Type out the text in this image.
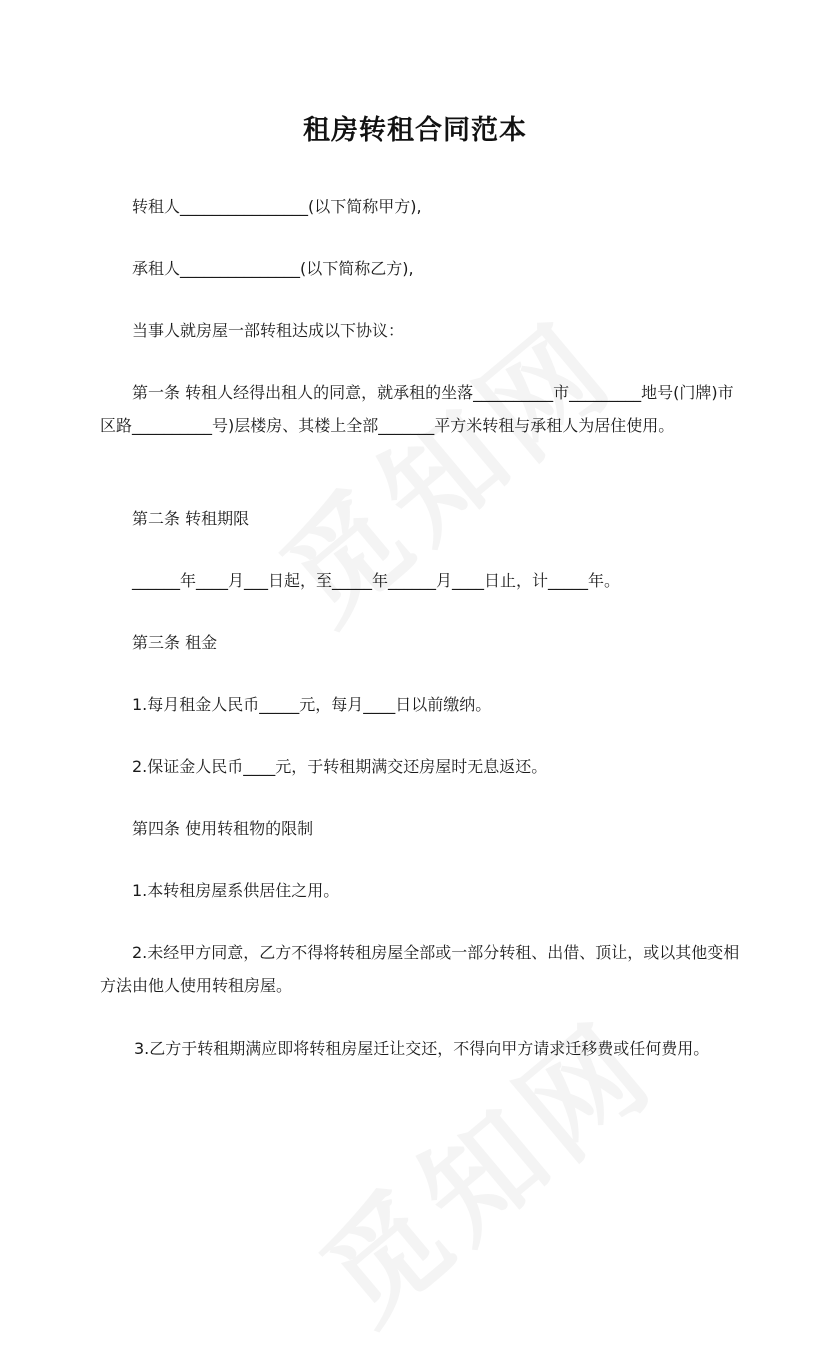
租房转租合同范本
转租人________________(以下简称甲方),
承租人_______________(以下简称乙方),
当事人就房屋一部转租达成以下协议：
第一条 转租人经得出租人的同意，就承租的坐落__________市_________地号(门牌)市区路__________号)层楼房、其楼上全部_______平方米转租与承租人为居住使用。
第二条 转租期限
______年____月___日起，至_____年______月____日止，计_____年。
第三条 租金
1.每月租金人民币_____元，每月____日以前缴纳。
2.保证金人民币____元，于转租期满交还房屋时无息返还。
第四条 使用转租物的限制
1.本转租房屋系供居住之用。
2.未经甲方同意，乙方不得将转租房屋全部或一部分转租、出借、顶让，或以其他变相方法由他人使用转租房屋。
3.乙方于转租期满应即将转租房屋迁让交还，不得向甲方请求迁移费或任何费用。
